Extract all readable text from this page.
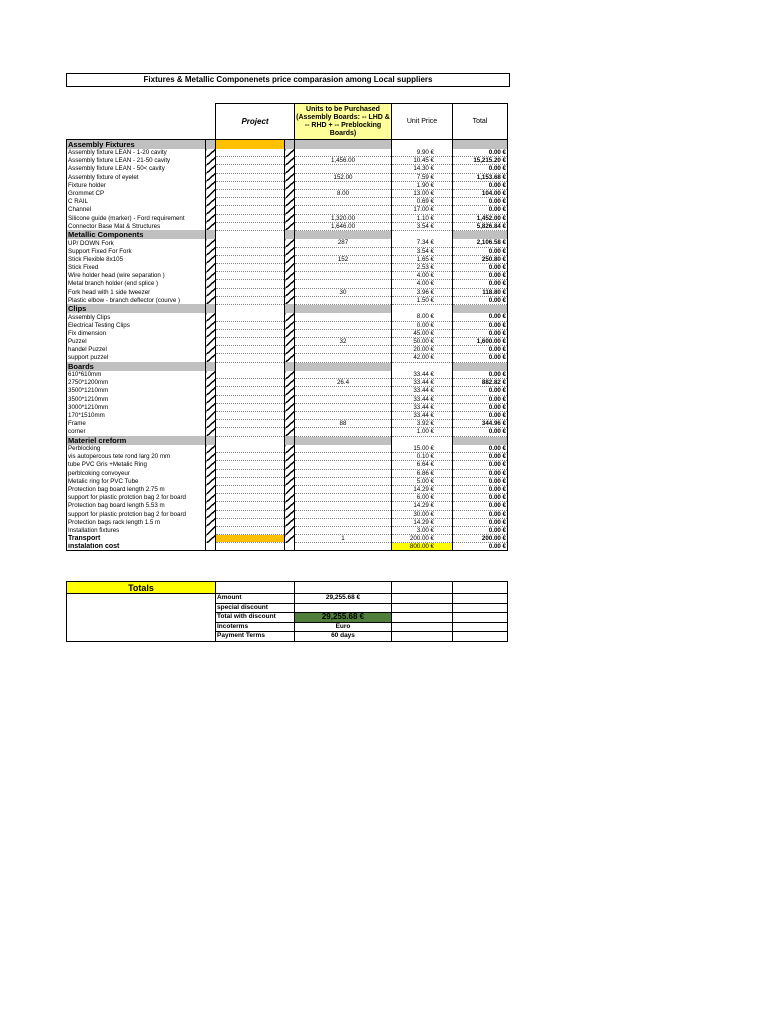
Fixtures & Metallic Componenets price comparasion among Local suppliers
Project	Units to be Purchased (Assembly Boards: -- LHD & -- RHD + -- Preblocking Boards)	Unit Price	Total
Assembly Fixtures						
Assembly fixture LEAN - 1-20 cavity					9.90 €	0.00 €
Assembly fixture LEAN - 21-50 cavity				1,456.00	10.45 €	15,215.20 €
Assembly fixture LEAN - 50< cavity					14.30 €	0.00 €
Assembly fixture of eyelet				152.00	7.59 €	1,153.68 €
Fixture holder					1.90 €	0.00 €
Grommet CP				8.00	13.00 €	104.00 €
C RAIL					0.69 €	0.00 €
Channel					17.00 €	0.00 €
Silicone guide (marker) - Ford requirement				1,320.00	1.10 €	1,452.00 €
Connector Base Mat & Structures				1,646.00	3.54 €	5,826.84 €
Metallic Components						
UP/ DOWN Fork				287	7.34 €	2,106.58 €
Support Fixed For Fork					3.54 €	0.00 €
Stick Flexible 8x105				152	1.65 €	250.80 €
Stick Fixed					2.53 €	0.00 €
Wire holder head (wire separation )					4.00 €	0.00 €
Metal branch holder (end splice )					4.00 €	0.00 €
Fork head with 1 side tweezer				30	3.96 €	118.80 €
Plastic elbow - branch deflector (courve )					1.50 €	0.00 €
Clips						
Assembly Clips					8.00 €	0.00 €
Electrical Testing Clips					0.00 €	0.00 €
Fix dimension					45.00 €	0.00 €
Puzzel				32	50.00 €	1,600.00 €
handel Puzzel					20.00 €	0.00 €
support puzzel					42.00 €	0.00 €
Boards						
610*610mm					33.44 €	0.00 €
2750*1200mm				26.4	33.44 €	882.82 €
3500*1210mm					33.44 €	0.00 €
3500*1210mm					33.44 €	0.00 €
3000*1210mm					33.44 €	0.00 €
170*1510mm					33.44 €	0.00 €
Frame				88	3.92 €	344.96 €
corner					1.00 €	0.00 €
Materiel creform						
Perblocking					15.00 €	0.00 €
vis autopercous tete rond larg 20 mm					0.10 €	0.00 €
tube PVC Gris +Metalic Ring					6.64 €	0.00 €
perblcoking convoyeur					6.86 €	0.00 €
Metalic ring for PVC Tube					5.00 €	0.00 €
Protection bag board length 2.75 m					14.29 €	0.00 €
support for plastic protction bag 2 for board					6.00 €	0.00 €
Protection bag board length 5.53 m					14.29 €	0.00 €
support for plastic protction bag 2 for board					30.00 €	0.00 €
Protection bags rack length 1.5 m					14.29 €	0.00 €
Installation fixtures					3.00 €	0.00 €
Transport				1	200.00 €	200.00 €
instalation cost					800.00 €	0.00 €
Totals				
	Amount	29,255.68 €		
	special discount			
	Total with discount	29,255.68 €		
	Incoterms	Euro		
	Payment Terms	60 days		
